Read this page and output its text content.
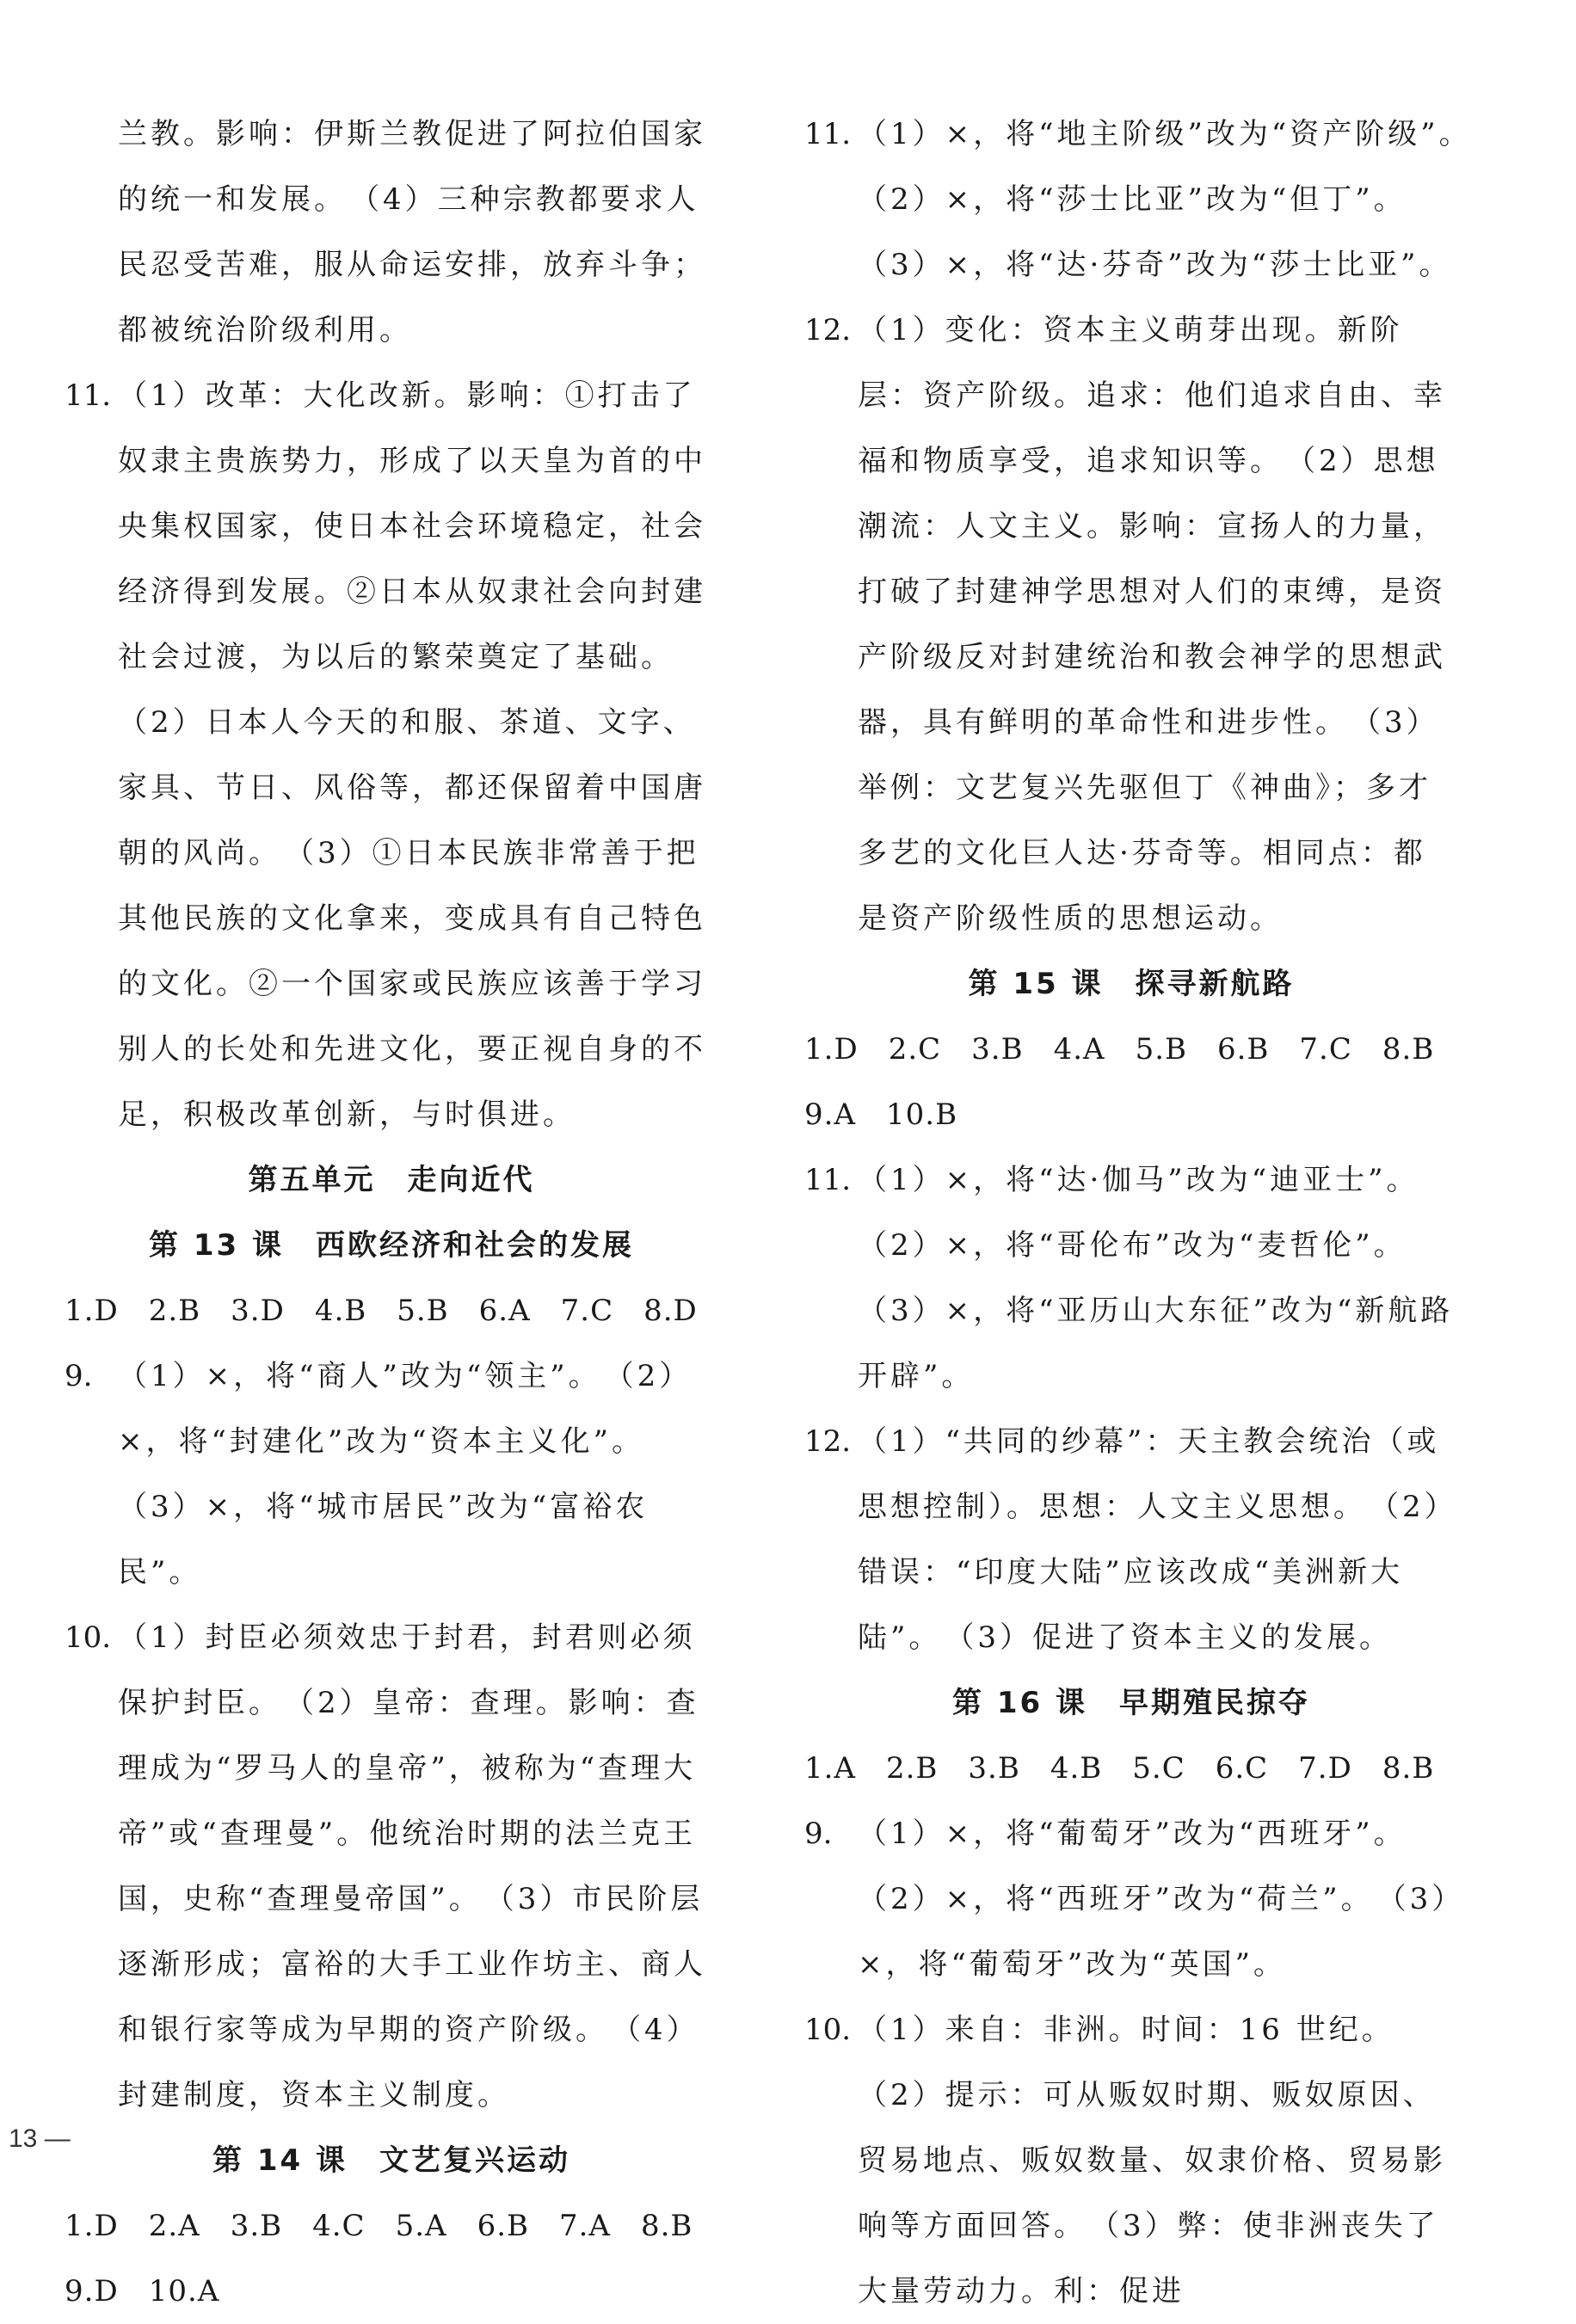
兰教。影响：伊斯兰教促进了阿拉伯国家的统一和发展。　（4）三种宗教都要求人民忍受苦难，服从命运安排，放弃斗争；都被统治阶级利用。
11. （1）改革：大化改新。影响：①打击了奴隶主贵族势力，形成了以天皇为首的中央集权国家，使日本社会环境稳定，社会经济得到发展。②日本从奴隶社会向封建社会过渡，为以后的繁荣奠定了基础。　（2）日本人今天的和服、茶道、文字、家具、节日、风俗等，都还保留着中国唐朝的风尚。　（3）①日本民族非常善于把其他民族的文化拿来，变成具有自己特色的文化。②一个国家或民族应该善于学习别人的长处和先进文化，要正视自身的不足，积极改革创新，与时俱进。
第五单元　走向近代
第 13 课　西欧经济和社会的发展
1.D　2.B　3.D　4.B　5.B　6.A　7.C　8.D
9. （1）×，将“商人”改为“领主”。　（2）×，将“封建化”改为“资本主义化”。　（3）×，将“城市居民”改为“富裕农民”。
10. （1）封臣必须效忠于封君，封君则必须保护封臣。　（2）皇帝：查理。影响：查理成为“罗马人的皇帝”，被称为“查理大帝”或“查理曼”。他统治时期的法兰克王国，史称“查理曼帝国”。　（3）市民阶层逐渐形成；富裕的大手工业作坊主、商人和银行家等成为早期的资产阶级。　（4）封建制度，资本主义制度。
第 14 课　文艺复兴运动
1.D　2.A　3.B　4.C　5.A　6.B　7.A　8.B
9.D　10.A
11. （1）×，将“地主阶级”改为“资产阶级”。　（2）×，将“莎士比亚”改为“但丁”。　（3）×，将“达·芬奇”改为“莎士比亚”。
12. （1）变化：资本主义萌芽出现。新阶层：资产阶级。追求：他们追求自由、幸福和物质享受，追求知识等。　（2）思想潮流：人文主义。影响：宣扬人的力量，打破了封建神学思想对人们的束缚，是资产阶级反对封建统治和教会神学的思想武器，具有鲜明的革命性和进步性。　（3）举例：文艺复兴先驱但丁《神曲》；多才多艺的文化巨人达·芬奇等。相同点：都是资产阶级性质的思想运动。
第 15 课　探寻新航路
1.D　2.C　3.B　4.A　5.B　6.B　7.C　8.B
9.A　10.B
11. （1）×，将“达·伽马”改为“迪亚士”。　（2）×，将“哥伦布”改为“麦哲伦”。　（3）×，将“亚历山大东征”改为“新航路开辟”。
12. （1）“共同的纱幕”：天主教会统治（或思想控制）。思想：人文主义思想。　（2）错误：“印度大陆”应该改成“美洲新大陆”。　（3）促进了资本主义的发展。
第 16 课　早期殖民掠夺
1.A　2.B　3.B　4.B　5.C　6.C　7.D　8.B
9. （1）×，将“葡萄牙”改为“西班牙”。　（2）×，将“西班牙”改为“荷兰”。　（3）×，将“葡萄牙”改为“英国”。
10. （1）来自：非洲。时间：16 世纪。　（2）提示：可从贩奴时期、贩奴原因、贸易地点、贩奴数量、奴隶价格、贸易影响等方面回答。　（3）弊：使非洲丧失了大量劳动力。利：促进
13 —
